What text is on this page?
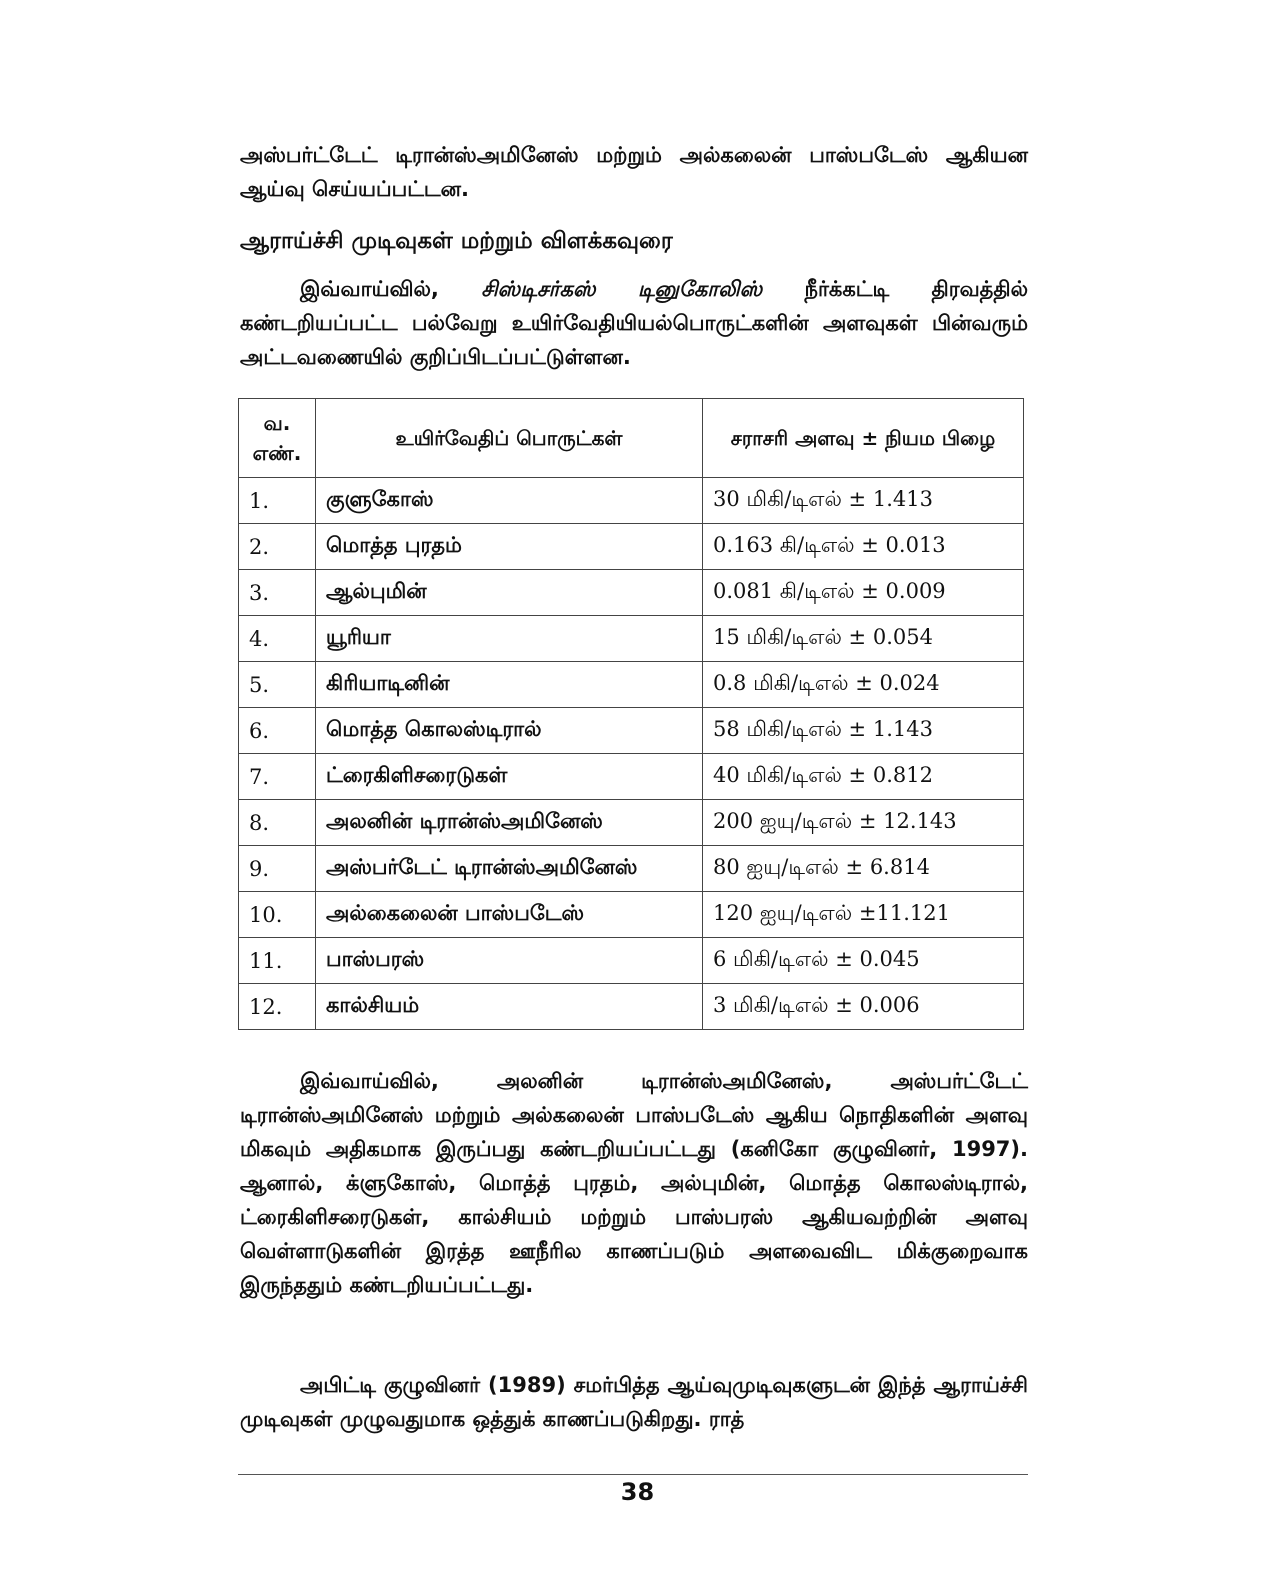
அஸ்பர்ட்டேட் டிரான்ஸ்அமினேஸ் மற்றும் அல்கலைன் பாஸ்படேஸ் ஆகியன ஆய்வு செய்யப்பட்டன.

ஆராய்ச்சி முடிவுகள் மற்றும் விளக்கவுரை

இவ்வாய்வில், சிஸ்டிசர்கஸ் டினுகோலிஸ் நீர்க்கட்டி திரவத்தில் கண்டறியப்பட்ட பல்வேறு உயிர்வேதியியல்பொருட்களின் அளவுகள் பின்வரும் அட்டவணையில் குறிப்பிடப்பட்டுள்ளன.

வ. எண்.	உயிர்வேதிப் பொருட்கள்	சராசரி அளவு ± நியம பிழை
1.	குளுகோஸ்	30 மிகி/டிஎல் ± 1.413
2.	மொத்த புரதம்	0.163 கி/டிஎல் ± 0.013
3.	ஆல்புமின்	0.081 கி/டிஎல் ± 0.009
4.	யூரியா	15 மிகி/டிஎல் ± 0.054
5.	கிரியாடினின்	0.8 மிகி/டிஎல் ± 0.024
6.	மொத்த கொலஸ்டிரால்	58 மிகி/டிஎல் ± 1.143
7.	ட்ரைகிளிசரைடுகள்	40 மிகி/டிஎல் ± 0.812
8.	அலனின் டிரான்ஸ்அமினேஸ்	200 ஐயு/டிஎல் ± 12.143
9.	அஸ்பர்டேட் டிரான்ஸ்அமினேஸ்	80 ஐயு/டிஎல் ± 6.814
10.	அல்கைலைன் பாஸ்படேஸ்	120 ஐயு/டிஎல் ±11.121
11.	பாஸ்பரஸ்	6 மிகி/டிஎல் ± 0.045
12.	கால்சியம்	3 மிகி/டிஎல் ± 0.006

இவ்வாய்வில், அலனின் டிரான்ஸ்அமினேஸ், அஸ்பர்ட்டேட் டிரான்ஸ்அமினேஸ் மற்றும் அல்கலைன் பாஸ்படேஸ் ஆகிய நொதிகளின் அளவு மிகவும் அதிகமாக இருப்பது கண்டறியப்பட்டது (கனிகோ குழுவினர், 1997). ஆனால், க்ளுகோஸ், மொத்த் புரதம், அல்புமின், மொத்த கொலஸ்டிரால், ட்ரைகிளிசரைடுகள், கால்சியம் மற்றும் பாஸ்பரஸ் ஆகியவற்றின் அளவு வெள்ளாடுகளின் இரத்த ஊநீரில காணப்படும் அளவைவிட மிக்குறைவாக இருந்ததும் கண்டறியப்பட்டது.

அபிட்டி குழுவினர் (1989) சமர்பித்த ஆய்வுமுடிவுகளுடன் இந்த் ஆராய்ச்சி முடிவுகள் முழுவதுமாக ஒத்துக் காணப்படுகிறது. ராத்

38
